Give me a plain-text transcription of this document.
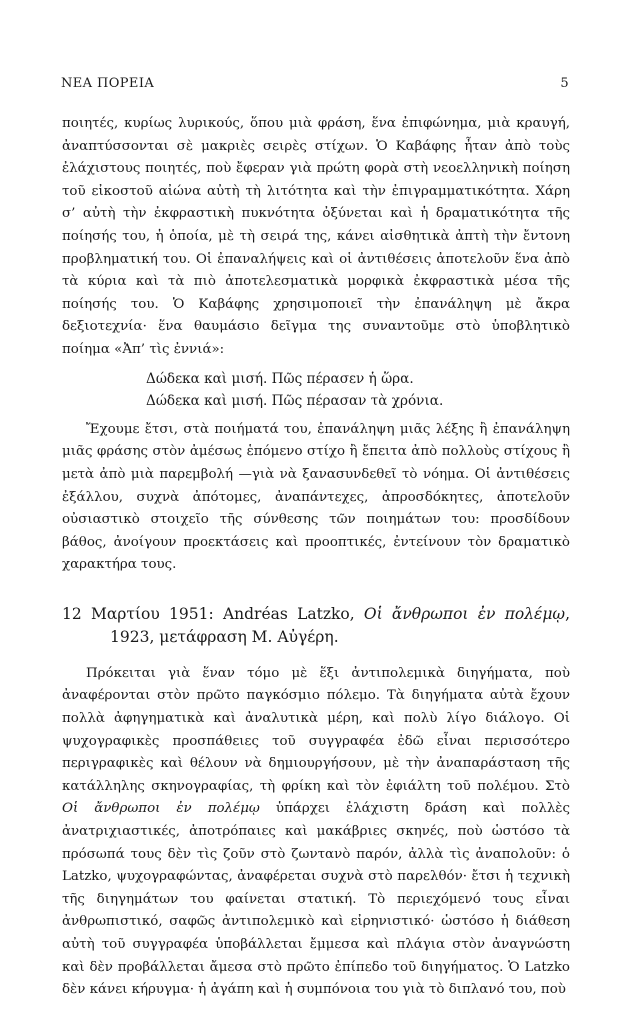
ΝΕΑ ΠΟΡΕΙΑ	5

ποιητές, κυρίως λυρικούς, ὅπου μιὰ φράση, ἕνα ἐπιφώνημα, μιὰ κραυγή, ἀναπτύσσονται σὲ μακριὲς σειρὲς στίχων. Ὁ Καβάφης ἦταν ἀπὸ τοὺς ἐλάχιστους ποιητές, ποὺ ἔφεραν γιὰ πρώτη φορὰ στὴ νεοελληνικὴ ποίηση τοῦ εἰκοστοῦ αἰώνα αὐτὴ τὴ λιτότητα καὶ τὴν ἐπιγραμματικότητα. Χάρη σ’ αὐτὴ τὴν ἐκφραστικὴ πυκνότητα ὀξύνεται καὶ ἡ δραματικότητα τῆς ποίησής του, ἡ ὁποία, μὲ τὴ σειρά της, κάνει αἰσθητικὰ ἀπτὴ τὴν ἔντονη προβληματική του. Οἱ ἐπαναλήψεις καὶ οἱ ἀντιθέσεις ἀποτελοῦν ἕνα ἀπὸ τὰ κύρια καὶ τὰ πιὸ ἀποτελεσματικὰ μορφικὰ ἐκφραστικὰ μέσα τῆς ποίησής του. Ὁ Καβάφης χρησιμοποιεῖ τὴν ἐπανάληψη μὲ ἄκρα δεξιοτεχνία· ἕνα θαυμάσιο δεῖγμα της συναντοῦμε στὸ ὑποβλητικὸ ποίημα «Ἀπ’ τὶς ἐννιά»:

Δώδεκα καὶ μισή. Πῶς πέρασεν ἡ ὥρα.
Δώδεκα καὶ μισή. Πῶς πέρασαν τὰ χρόνια.

Ἔχουμε ἔτσι, στὰ ποιήματά του, ἐπανάληψη μιᾶς λέξης ἢ ἐπανάληψη μιᾶς φράσης στὸν ἀμέσως ἑπόμενο στίχο ἢ ἔπειτα ἀπὸ πολλοὺς στίχους ἢ μετὰ ἀπὸ μιὰ παρεμβολή —γιὰ νὰ ξανασυνδεθεῖ τὸ νόημα. Οἱ ἀντιθέσεις ἐξάλλου, συχνὰ ἀπότομες, ἀναπάντεχες, ἀπροσδόκητες, ἀποτελοῦν οὐσιαστικὸ στοιχεῖο τῆς σύνθεσης τῶν ποιημάτων του: προσδίδουν βάθος, ἀνοίγουν προεκτάσεις καὶ προοπτικές, ἐντείνουν τὸν δραματικὸ χαρακτήρα τους.

12 Μαρτίου 1951: Andréas Latzko, Οἱ ἄνθρωποι ἐν πολέμῳ, 1923, μετάφραση Μ. Αὐγέρη.

Πρόκειται γιὰ ἕναν τόμο μὲ ἕξι ἀντιπολεμικὰ διηγήματα, ποὺ ἀναφέρονται στὸν πρῶτο παγκόσμιο πόλεμο. Τὰ διηγήματα αὐτὰ ἔχουν πολλὰ ἀφηγηματικὰ καὶ ἀναλυτικὰ μέρη, καὶ πολὺ λίγο διάλογο. Οἱ ψυχογραφικὲς προσπάθειες τοῦ συγγραφέα ἐδῶ εἶναι περισσότερο περιγραφικὲς καὶ θέλουν νὰ δημιουργήσουν, μὲ τὴν ἀναπαράσταση τῆς κατάλληλης σκηνογραφίας, τὴ φρίκη καὶ τὸν ἐφιάλτη τοῦ πολέμου. Στὸ Οἱ ἄνθρωποι ἐν πολέμῳ ὑπάρχει ἐλάχιστη δράση καὶ πολλὲς ἀνατριχιαστικές, ἀποτρόπαιες καὶ μακάβριες σκηνές, ποὺ ὡστόσο τὰ πρόσωπά τους δὲν τὶς ζοῦν στὸ ζωντανὸ παρόν, ἀλλὰ τὶς ἀναπολοῦν: ὁ Latzko, ψυχογραφώντας, ἀναφέρεται συχνὰ στὸ παρελθόν· ἔτσι ἡ τεχνικὴ τῆς διηγημάτων του φαίνεται στατική. Τὸ περιεχόμενό τους εἶναι ἀνθρωπιστικό, σαφῶς ἀντιπολεμικὸ καὶ εἰρηνιστικό· ὡστόσο ἡ διάθεση αὐτὴ τοῦ συγγραφέα ὑποβάλλεται ἔμμεσα καὶ πλάγια στὸν ἀναγνώστη καὶ δὲν προβάλλεται ἄμεσα στὸ πρῶτο ἐπίπεδο τοῦ διηγήματος. Ὁ Latzko δὲν κάνει κήρυγμα· ἡ ἀγάπη καὶ ἡ συμπόνοια του γιὰ τὸ διπλανό του, ποὺ
